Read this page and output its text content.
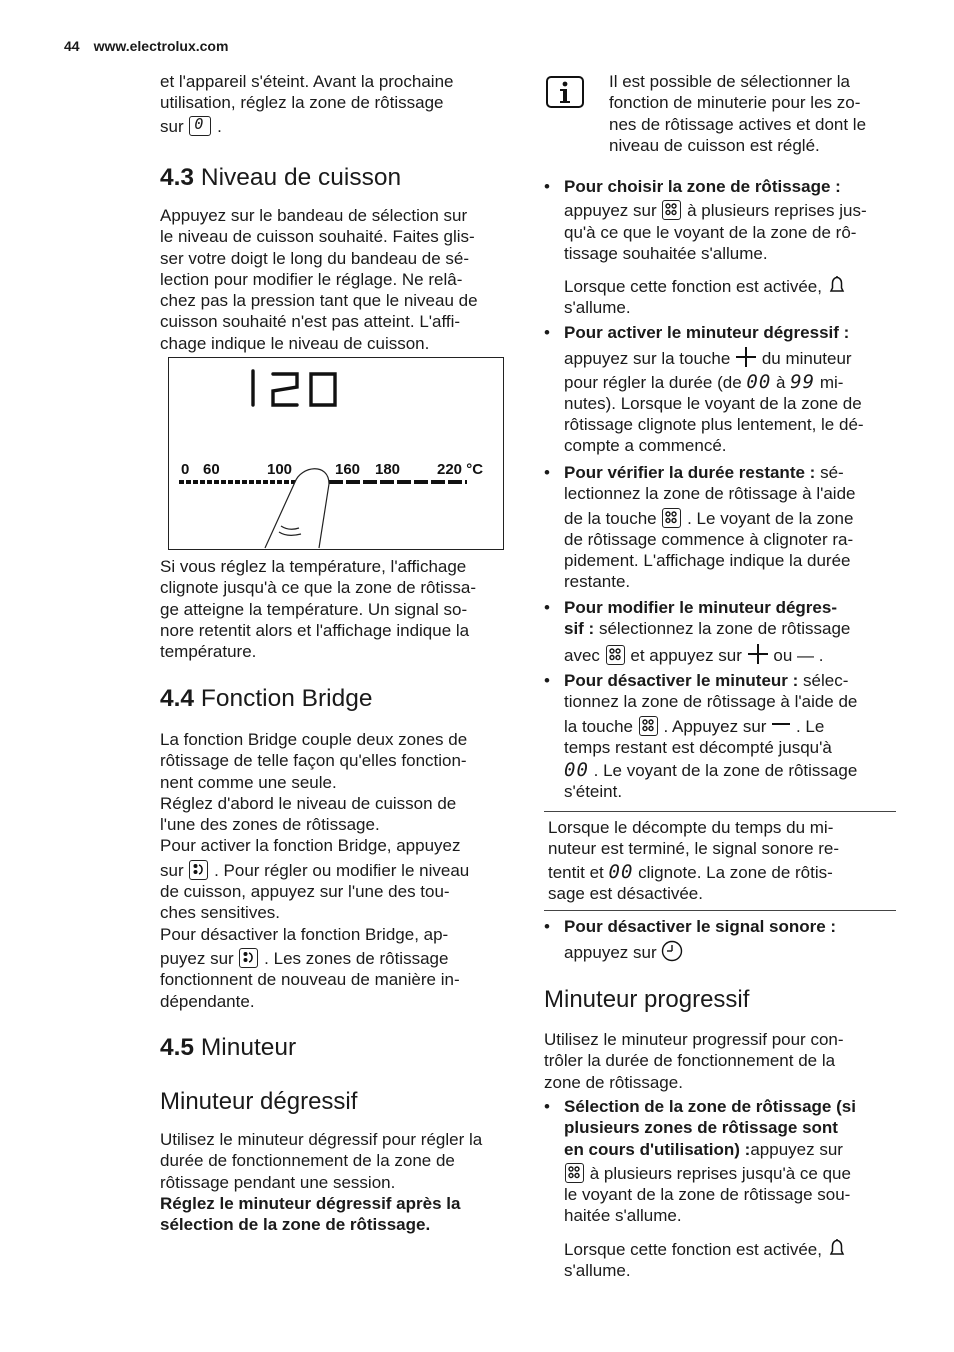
44 www.electrolux.com

et l'appareil s'éteint. Avant la prochaine

utilisation, réglez la zone de rôtissage

sur 0 .

4.3 Niveau de cuisson

Appuyez sur le bandeau de sélection sur

le niveau de cuisson souhaité. Faites glis-

ser votre doigt le long du bandeau de sé-

lection pour modifier le réglage. Ne relâ-

chez pas la pression tant que le niveau de

cuisson souhaité n'est pas atteint. L'affi-

chage indique le niveau de cuisson.

120
0 60	100	160 180 220 °C

Si vous réglez la température, l'affichage

clignote jusqu'à ce que la zone de rôtissa-

ge atteigne la température. Un signal so-

nore retentit alors et l'affichage indique la

température.

4.4 Fonction Bridge

La fonction Bridge couple deux zones de

rôtissage de telle façon qu'elles fonction-

nent comme une seule.

Réglez d'abord le niveau de cuisson de

l'une des zones de rôtissage.

Pour activer la fonction Bridge, appuyez

sur . Pour régler ou modifier le niveau

de cuisson, appuyez sur l'une des tou-

ches sensitives.

Pour désactiver la fonction Bridge, ap-

puyez sur . Les zones de rôtissage

fonctionnent de nouveau de manière in-

dépendante.

4.5 Minuteur
Minuteur dégressif

Utilisez le minuteur dégressif pour régler la

durée de fonctionnement de la zone de

rôtissage pendant une session.

Réglez le minuteur dégressif après la

sélection de la zone de rôtissage.

Il est possible de sélectionner la

fonction de minuterie pour les zo-

nes de rôtissage actives et dont le

niveau de cuisson est réglé.

• Pour choisir la zone de rôtissage :

appuyez sur à plusieurs reprises jus-

qu'à ce que le voyant de la zone de rô-

tissage souhaitée s'allume.

Lorsque cette fonction est activée,

s'allume.

• Pour activer le minuteur dégressif :

appuyez sur la touche du minuteur

pour régler la durée (de 00 à 99 mi-

nutes). Lorsque le voyant de la zone de

rôtissage clignote plus lentement, le dé-

compte a commencé.

• Pour vérifier la durée restante : sé-

lectionnez la zone de rôtissage à l'aide

de la touche . Le voyant de la zone

de rôtissage commence à clignoter ra-

pidement. L'affichage indique la durée

restante.

• Pour modifier le minuteur dégres-

sif : sélectionnez la zone de rôtissage

avec et appuyez sur ou — .

• Pour désactiver le minuteur : sélec-

tionnez la zone de rôtissage à l'aide de

la touche . Appuyez sur . Le

temps restant est décompté jusqu'à

00 . Le voyant de la zone de rôtissage

s'éteint.

Lorsque le décompte du temps du mi-

nuteur est terminé, le signal sonore re-

tentit et 00 clignote. La zone de rôtis-

sage est désactivée.

• Pour désactiver le signal sonore :

appuyez sur

Minuteur progressif

Utilisez le minuteur progressif pour con-

trôler la durée de fonctionnement de la

zone de rôtissage.

• Sélection de la zone de rôtissage (si

plusieurs zones de rôtissage sont

en cours d'utilisation) :appuyez sur

à plusieurs reprises jusqu'à ce que

le voyant de la zone de rôtissage sou-

haitée s'allume.

Lorsque cette fonction est activée,

s'allume.
